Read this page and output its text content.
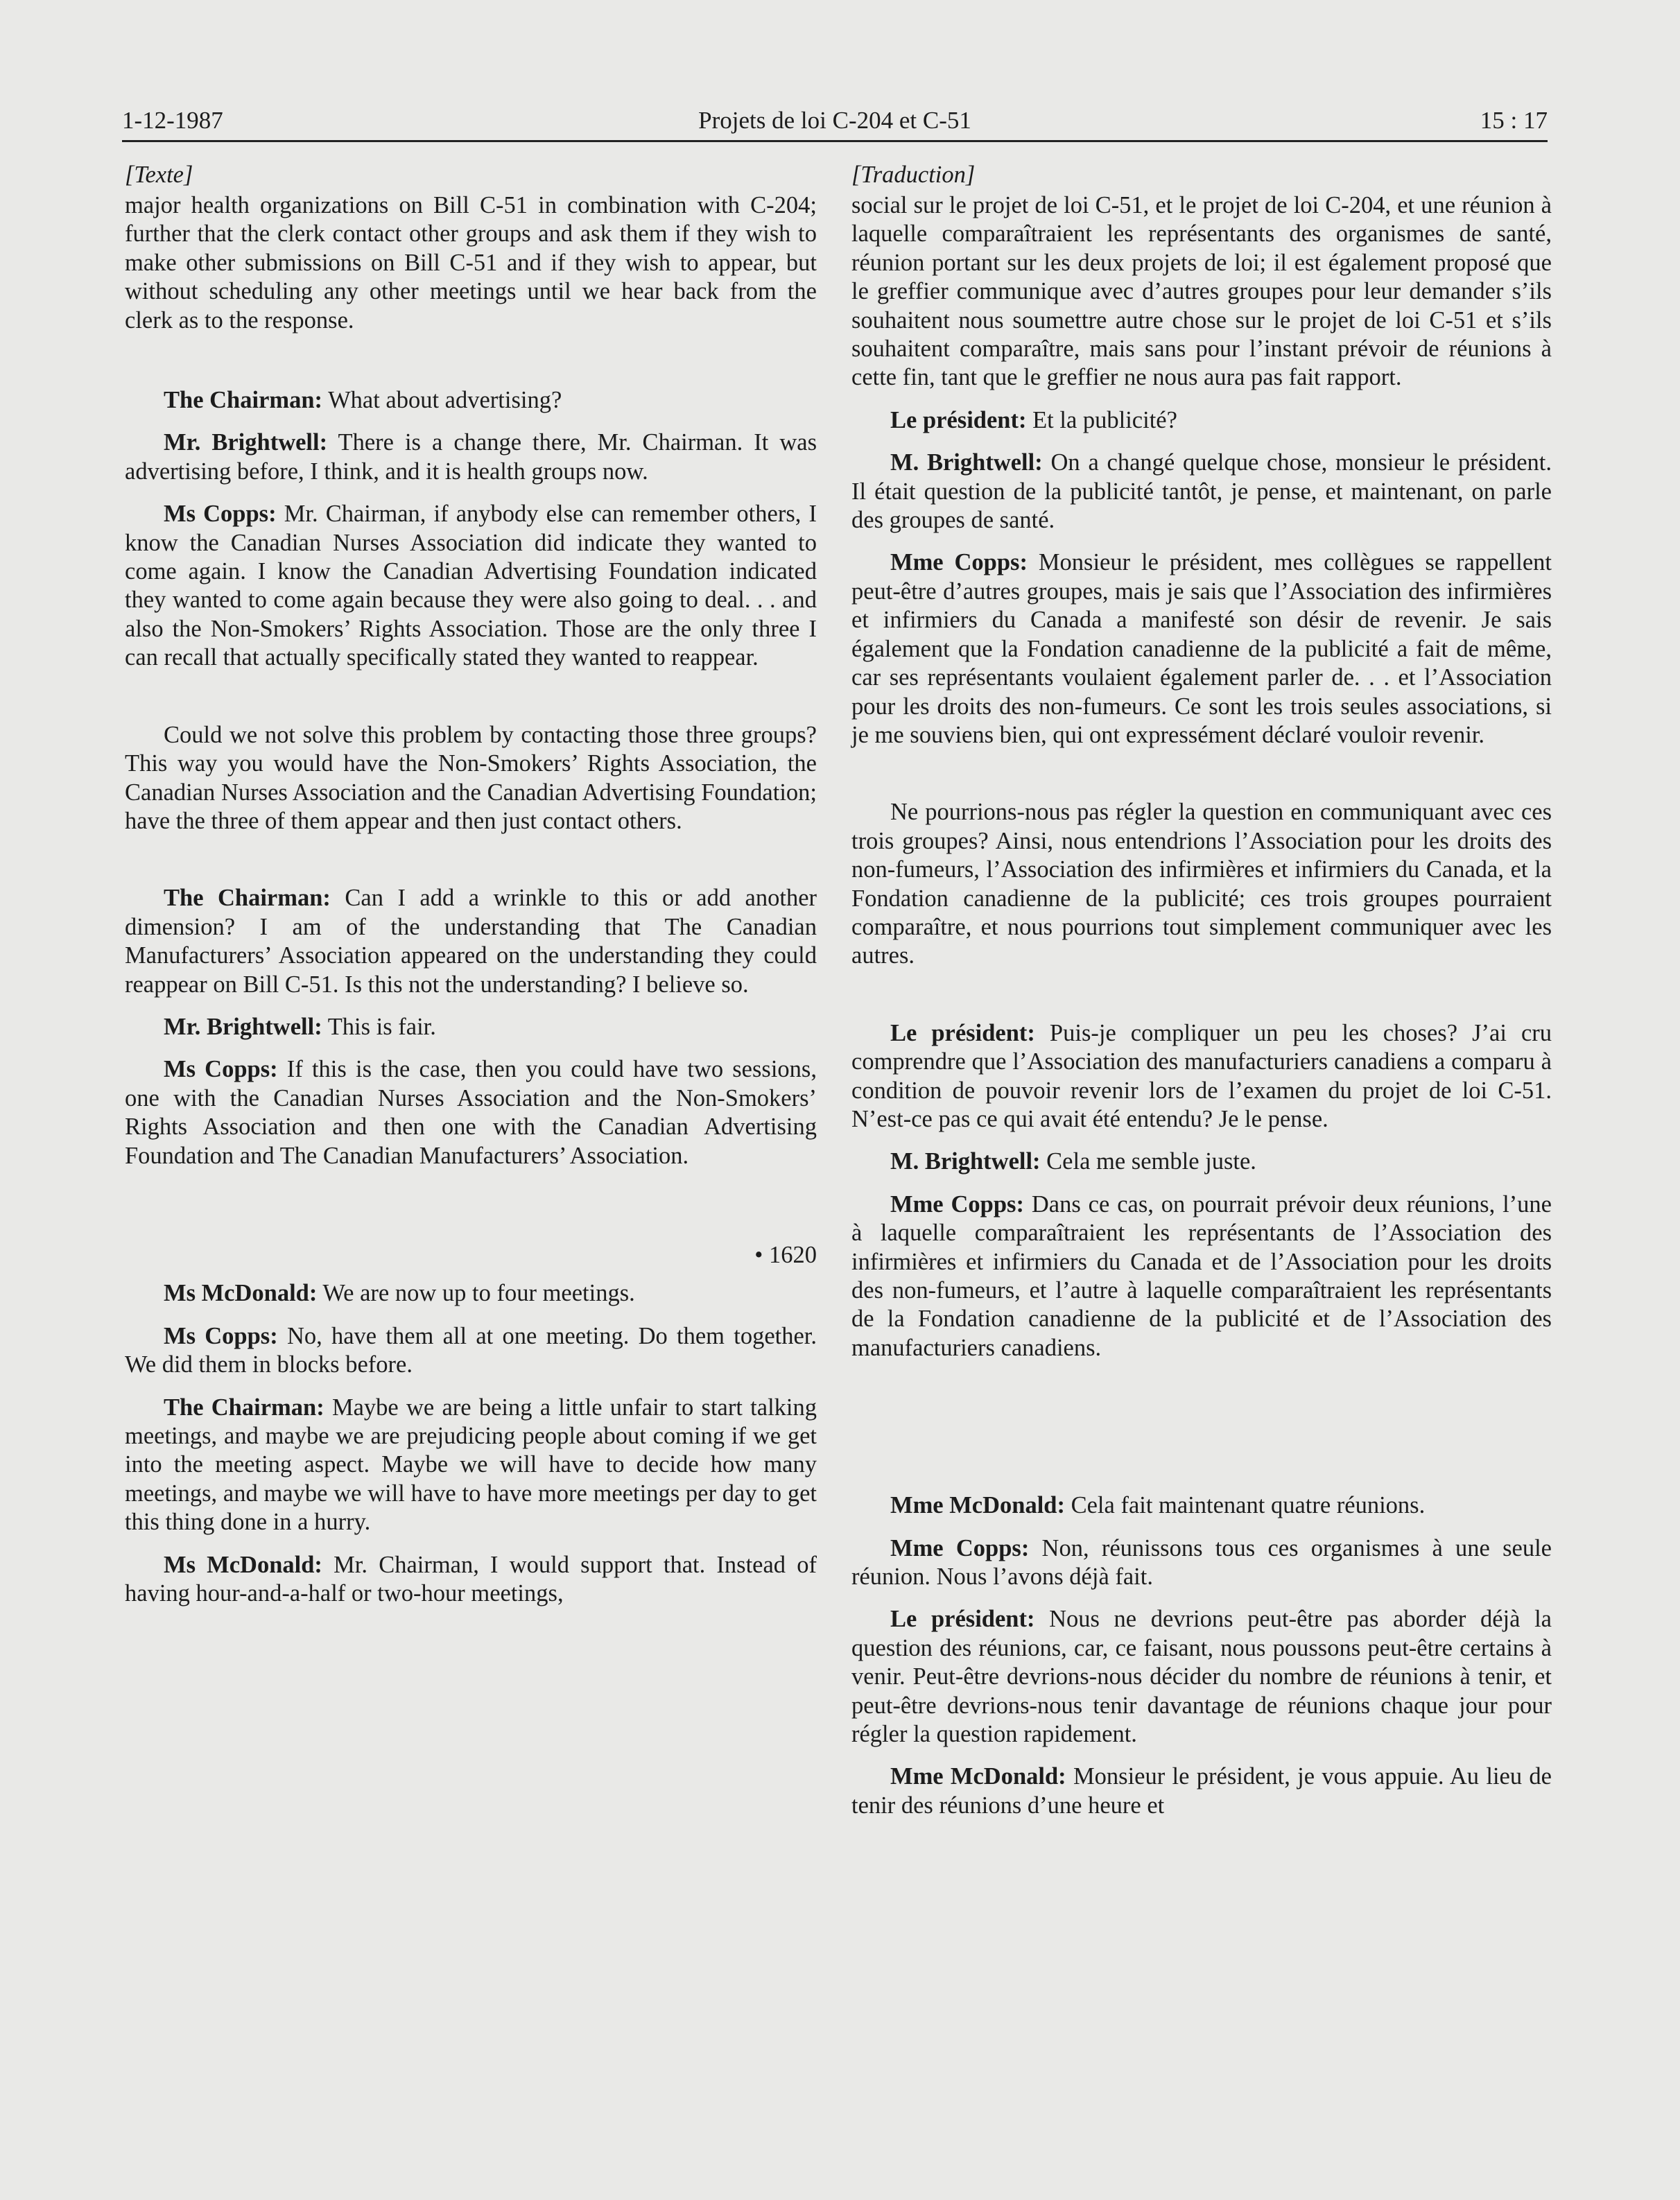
1-12-1987	Projets de loi C-204 et C-51	15 : 17

[Texte]

major health organizations on Bill C-51 in combination with C-204; further that the clerk contact other groups and ask them if they wish to make other submissions on Bill C-51 and if they wish to appear, but without scheduling any other meetings until we hear back from the clerk as to the response.

The Chairman: What about advertising?

Mr. Brightwell: There is a change there, Mr. Chairman. It was advertising before, I think, and it is health groups now.

Ms Copps: Mr. Chairman, if anybody else can remember others, I know the Canadian Nurses Association did indicate they wanted to come again. I know the Canadian Advertising Foundation indicated they wanted to come again because they were also going to deal. . . and also the Non-Smokers’ Rights Association. Those are the only three I can recall that actually specifically stated they wanted to reappear.

Could we not solve this problem by contacting those three groups? This way you would have the Non-Smokers’ Rights Association, the Canadian Nurses Association and the Canadian Advertising Foundation; have the three of them appear and then just contact others.

The Chairman: Can I add a wrinkle to this or add another dimension? I am of the understanding that The Canadian Manufacturers’ Association appeared on the understanding they could reappear on Bill C-51. Is this not the understanding? I believe so.

Mr. Brightwell: This is fair.

Ms Copps: If this is the case, then you could have two sessions, one with the Canadian Nurses Association and the Non-Smokers’ Rights Association and then one with the Canadian Advertising Foundation and The Canadian Manufacturers’ Association.

• 1620

Ms McDonald: We are now up to four meetings.

Ms Copps: No, have them all at one meeting. Do them together. We did them in blocks before.

The Chairman: Maybe we are being a little unfair to start talking meetings, and maybe we are prejudicing people about coming if we get into the meeting aspect. Maybe we will have to decide how many meetings, and maybe we will have to have more meetings per day to get this thing done in a hurry.

Ms McDonald: Mr. Chairman, I would support that. Instead of having hour-and-a-half or two-hour meetings,

[Traduction]

social sur le projet de loi C-51, et le projet de loi C-204, et une réunion à laquelle comparaîtraient les représentants des organismes de santé, réunion portant sur les deux projets de loi; il est également proposé que le greffier communique avec d’autres groupes pour leur demander s’ils souhaitent nous soumettre autre chose sur le projet de loi C-51 et s’ils souhaitent comparaître, mais sans pour l’instant prévoir de réunions à cette fin, tant que le greffier ne nous aura pas fait rapport.

Le président: Et la publicité?

M. Brightwell: On a changé quelque chose, monsieur le président. Il était question de la publicité tantôt, je pense, et maintenant, on parle des groupes de santé.

Mme Copps: Monsieur le président, mes collègues se rappellent peut-être d’autres groupes, mais je sais que l’Association des infirmières et infirmiers du Canada a manifesté son désir de revenir. Je sais également que la Fondation canadienne de la publicité a fait de même, car ses représentants voulaient également parler de. . . et l’Association pour les droits des non-fumeurs. Ce sont les trois seules associations, si je me souviens bien, qui ont expressément déclaré vouloir revenir.

Ne pourrions-nous pas régler la question en communiquant avec ces trois groupes? Ainsi, nous entendrions l’Association pour les droits des non-fumeurs, l’Association des infirmières et infirmiers du Canada, et la Fondation canadienne de la publicité; ces trois groupes pourraient comparaître, et nous pourrions tout simplement communiquer avec les autres.

Le président: Puis-je compliquer un peu les choses? J’ai cru comprendre que l’Association des manufacturiers canadiens a comparu à condition de pouvoir revenir lors de l’examen du projet de loi C-51. N’est-ce pas ce qui avait été entendu? Je le pense.

M. Brightwell: Cela me semble juste.

Mme Copps: Dans ce cas, on pourrait prévoir deux réunions, l’une à laquelle comparaîtraient les représentants de l’Association des infirmières et infirmiers du Canada et de l’Association pour les droits des non-fumeurs, et l’autre à laquelle comparaîtraient les représentants de la Fondation canadienne de la publicité et de l’Association des manufacturiers canadiens.

Mme McDonald: Cela fait maintenant quatre réunions.

Mme Copps: Non, réunissons tous ces organismes à une seule réunion. Nous l’avons déjà fait.

Le président: Nous ne devrions peut-être pas aborder déjà la question des réunions, car, ce faisant, nous poussons peut-être certains à venir. Peut-être devrions-nous décider du nombre de réunions à tenir, et peut-être devrions-nous tenir davantage de réunions chaque jour pour régler la question rapidement.

Mme McDonald: Monsieur le président, je vous appuie. Au lieu de tenir des réunions d’une heure et
